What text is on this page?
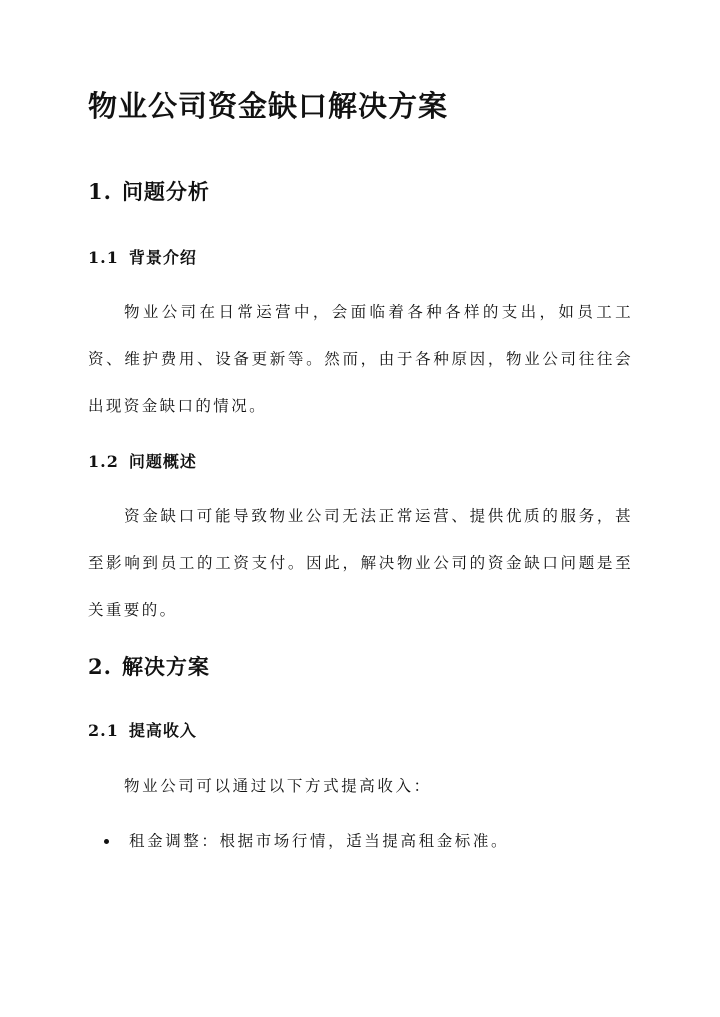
物业公司资金缺口解决方案
1. 问题分析
1.1 背景介绍

物业公司在日常运营中，会面临着各种各样的支出，如员工工资、维护费用、设备更新等。然而，由于各种原因，物业公司往往会出现资金缺口的情况。

1.2 问题概述

资金缺口可能导致物业公司无法正常运营、提供优质的服务，甚至影响到员工的工资支付。因此，解决物业公司的资金缺口问题是至关重要的。

2. 解决方案
2.1 提高收入

物业公司可以通过以下方式提高收入：

租金调整：根据市场行情，适当提高租金标准。
